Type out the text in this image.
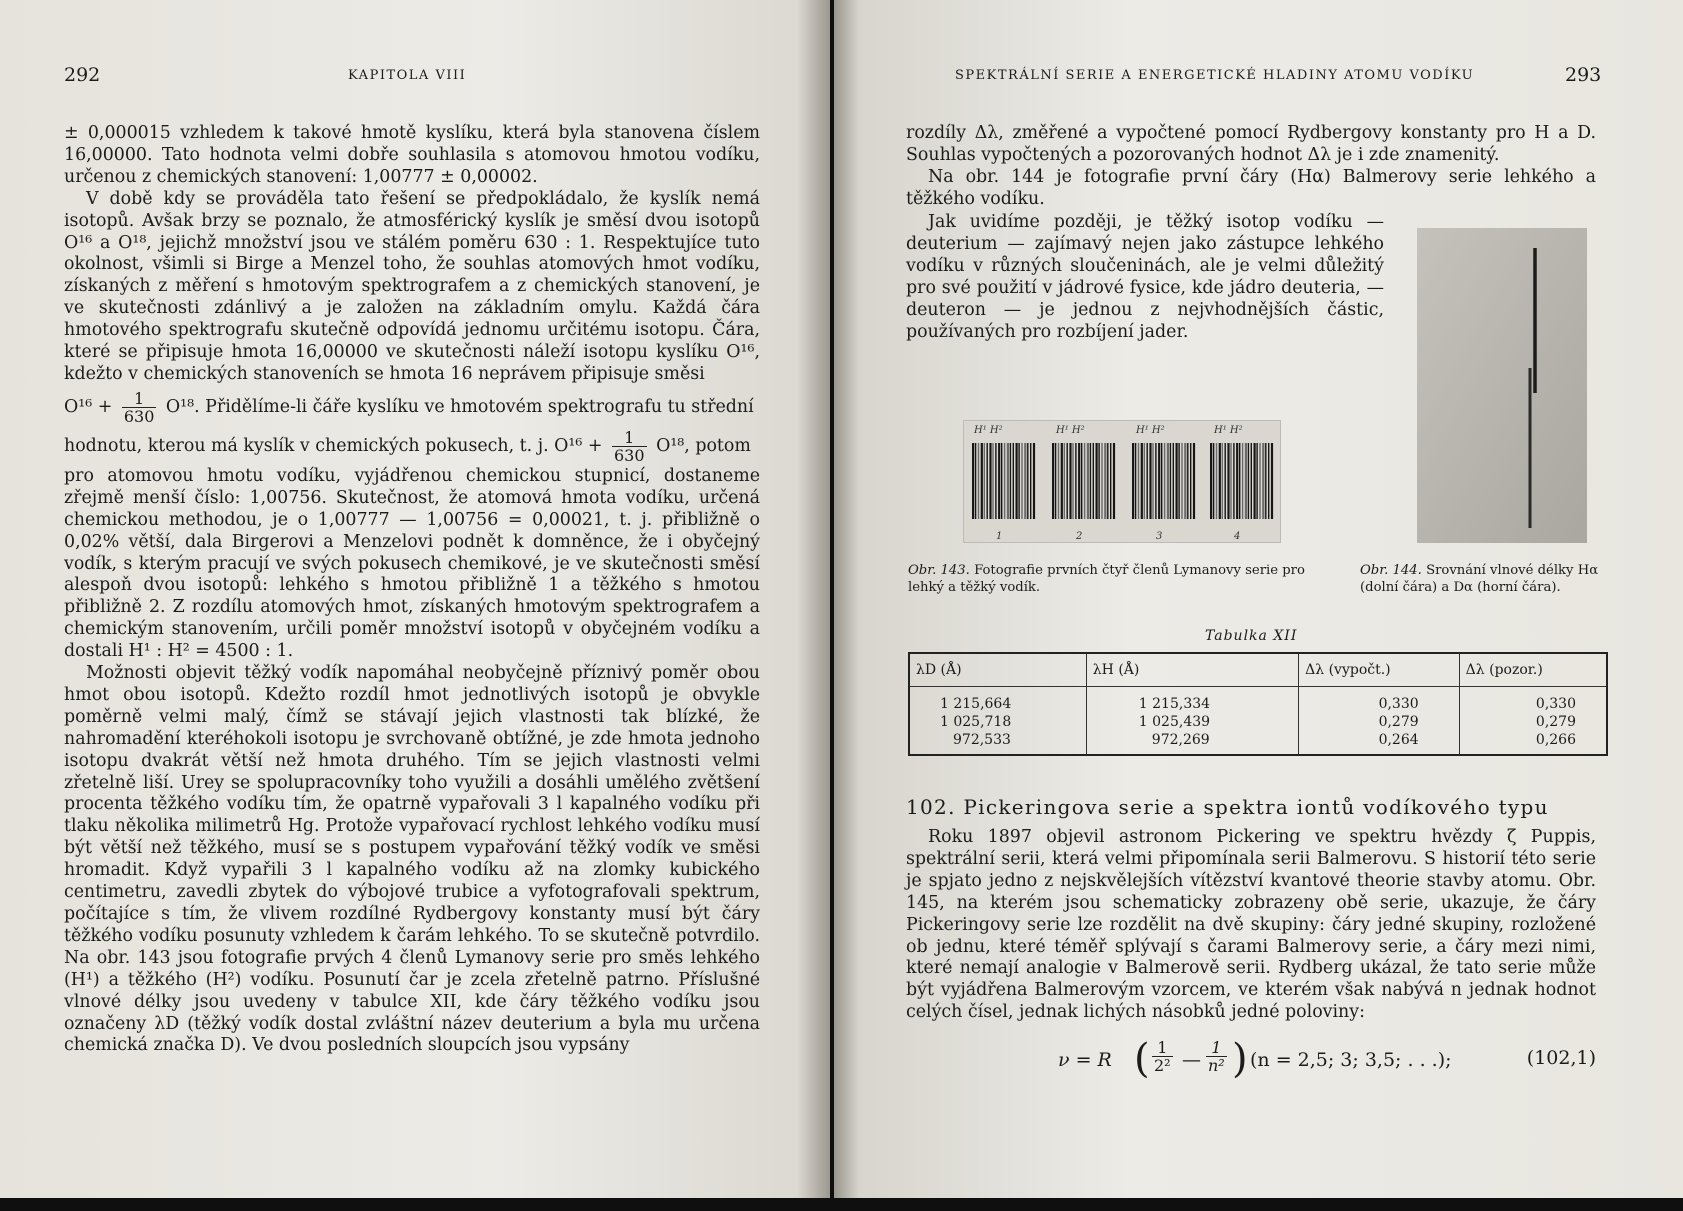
292	KAPITOLA VIII

± 0,000015 vzhledem k takové hmotě kyslíku, která byla stanovena číslem 16,00000. Tato hodnota velmi dobře souhlasila s atomovou hmotou vodíku, určenou z chemických stanovení: 1,00777 ± 0,00002.

V době kdy se prováděla tato řešení se předpokládalo, že kyslík nemá isotopů. Avšak brzy se poznalo, že atmosférický kyslík je směsí dvou isotopů O¹⁶ a O¹⁸, jejichž množství jsou ve stálém poměru 630 : 1. Respektujíce tuto okolnost, všimli si Birge a Menzel toho, že souhlas atomových hmot vodíku, získaných z měření s hmotovým spektrografem a z chemických stanovení, je ve skutečnosti zdánlivý a je založen na základním omylu. Každá čára hmotového spektrografu skutečně odpovídá jednomu určitému isotopu. Čára, které se připisuje hmota 16,00000 ve skutečnosti náleží isotopu kyslíku O¹⁶, kdežto v chemických stanoveních se hmota 16 neprávem připisuje směsi

$O^{16} + \frac{1}{630} O^{18}$. Přidělíme-li čáře kyslíku ve hmotovém spektrografu tu střední

hodnotu, kterou má kyslík v chemických pokusech, t. j. $O^{16} + \frac{1}{630} O^{18}$, potom

pro atomovou hmotu vodíku, vyjádřenou chemickou stupnicí, dostaneme zřejmě menší číslo: 1,00756. Skutečnost, že atomová hmota vodíku, určená chemickou methodou, je o 1,00777 — 1,00756 = 0,00021, t. j. přibližně o 0,02% větší, dala Birgerovi a Menzelovi podnět k domněnce, že i obyčejný vodík, s kterým pracují ve svých pokusech chemikové, je ve skutečnosti směsí alespoň dvou isotopů: lehkého s hmotou přibližně 1 a těžkého s hmotou přibližně 2. Z rozdílu atomových hmot, získaných hmotovým spektrografem a chemickým stanovením, určili poměr množství isotopů v obyčejném vodíku a dostali H¹ : H² = 4500 : 1.

Možnosti objevit těžký vodík napomáhal neobyčejně příznivý poměr obou hmot obou isotopů. Kdežto rozdíl hmot jednotlivých isotopů je obvykle poměrně velmi malý, čímž se stávají jejich vlastnosti tak blízké, že nahromadění kteréhokoli isotopu je svrchovaně obtížné, je zde hmota jednoho isotopu dvakrát větší než hmota druhého. Tím se jejich vlastnosti velmi zřetelně liší. Urey se spolupracovníky toho využili a dosáhli umělého zvětšení procenta těžkého vodíku tím, že opatrně vypařovali 3 l kapalného vodíku při tlaku několika milimetrů Hg. Protože vypařovací rychlost lehkého vodíku musí být větší než těžkého, musí se s postupem vypařování těžký vodík ve směsi hromadit. Když vypařili 3 l kapalného vodíku až na zlomky kubického centimetru, zavedli zbytek do výbojové trubice a vyfotografovali spektrum, počítajíce s tím, že vlivem rozdílné Rydbergovy konstanty musí být čáry těžkého vodíku posunuty vzhledem k čarám lehkého. To se skutečně potvrdilo. Na obr. 143 jsou fotografie prvých 4 členů Lymanovy serie pro směs lehkého (H¹) a těžkého (H²) vodíku. Posunutí čar je zcela zřetelně patrno. Příslušné vlnové délky jsou uvedeny v tabulce XII, kde čáry těžkého vodíku jsou označeny λD (těžký vodík dostal zvláštní název deuterium a byla mu určena chemická značka D). Ve dvou posledních sloupcích jsou vypsány

SPEKTRÁLNÍ SERIE A ENERGETICKÉ HLADINY ATOMU VODÍKU	293

rozdíly Δλ, změřené a vypočtené pomocí Rydbergovy konstanty pro H a D. Souhlas vypočtených a pozorovaných hodnot Δλ je i zde znamenitý.

Na obr. 144 je fotografie první čáry (Hα) Balmerovy serie lehkého a těžkého vodíku.

Jak uvidíme později, je těžký isotop vodíku — deuterium — zajímavý nejen jako zástupce lehkého vodíku v různých sloučeninách, ale je velmi důležitý pro své použití v jádrové fysice, kde jádro deuteria, — deuteron — je jednou z nejvhodnějších částic, používaných pro rozbíjení jader.

H¹ H²	H¹ H²	H¹ H²	H¹ H²
1	2	3	4
Obr. 143. Fotografie prvních čtyř členů Lymanovy serie pro lehký a těžký vodík.
Obr. 144. Srovnání vlnové délky Hα (dolní čára) a Dα (horní čára).
Tabulka XII
λD (Å)	λH (Å)	Δλ (vypočt.)	Δλ (pozor.)
1 215,664	1 215,334	0,330	0,330
1 025,718	1 025,439	0,279	0,279
972,533	972,269	0,264	0,266
102. Pickeringova serie a spektra iontů vodíkového typu

Roku 1897 objevil astronom Pickering ve spektru hvězdy ζ Puppis, spektrální serii, která velmi připomínala serii Balmerovu. S historií této serie je spjato jedno z nejskvělejších vítězství kvantové theorie stavby atomu. Obr. 145, na kterém jsou schematicky zobrazeny obě serie, ukazuje, že čáry Pickeringovy serie lze rozdělit na dvě skupiny: čáry jedné skupiny, rozložené ob jednu, které téměř splývají s čarami Balmerovy serie, a čáry mezi nimi, které nemají analogie v Balmerově serii. Rydberg ukázal, že tato serie může být vyjádřena Balmerovým vzorcem, ve kterém však nabývá n jednak hodnot celých čísel, jednak lichých násobků jedné poloviny:

ν = R ( $\frac{1}{\text{2²}}$ — $\frac{1}{\text{n²}}$ ) (n = 2,5; 3; 3,5; . . .);	(102,1)
